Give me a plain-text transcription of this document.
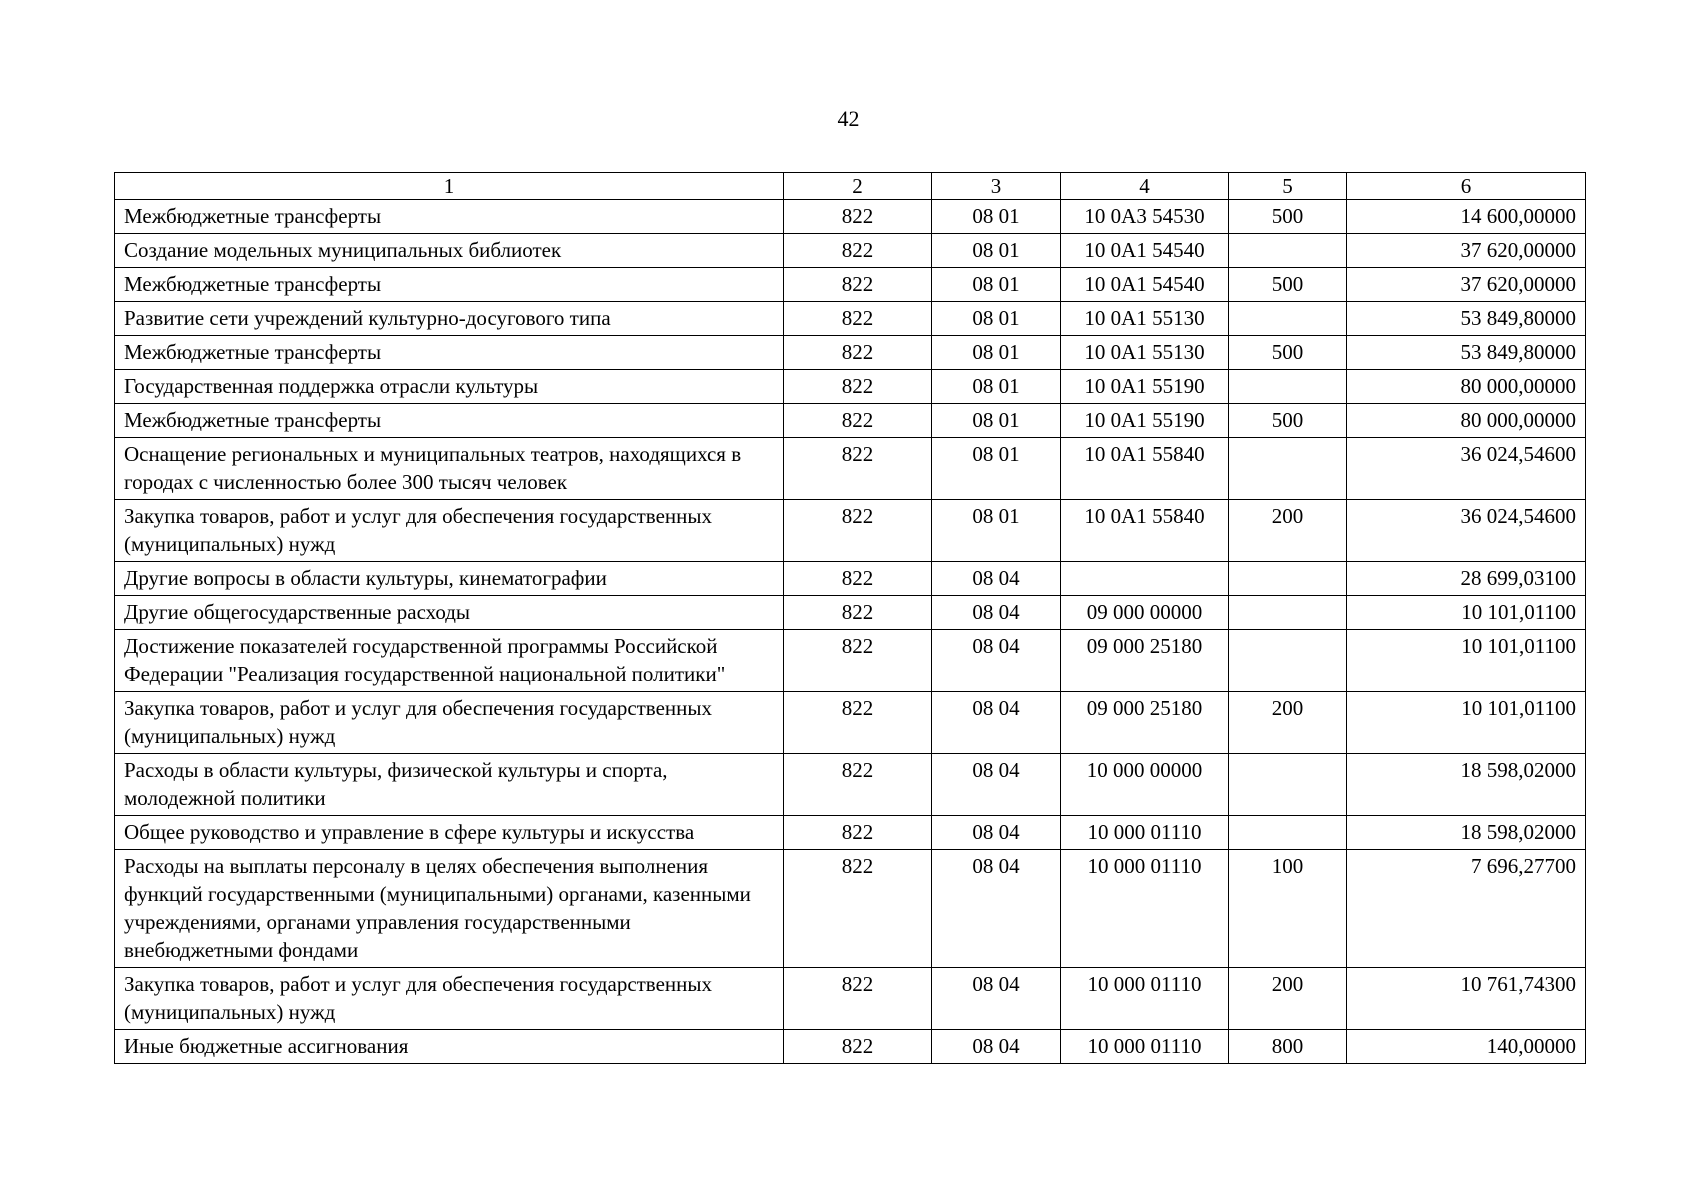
42
1	2	3	4	5	6
Межбюджетные трансферты	822	08 01	10 0А3 54530	500	14 600,00000
Создание модельных муниципальных библиотек	822	08 01	10 0А1 54540		37 620,00000
Межбюджетные трансферты	822	08 01	10 0А1 54540	500	37 620,00000
Развитие сети учреждений культурно-досугового типа	822	08 01	10 0А1 55130		53 849,80000
Межбюджетные трансферты	822	08 01	10 0А1 55130	500	53 849,80000
Государственная поддержка отрасли культуры	822	08 01	10 0А1 55190		80 000,00000
Межбюджетные трансферты	822	08 01	10 0А1 55190	500	80 000,00000
Оснащение региональных и муниципальных театров, находящихся в городах с численностью более 300 тысяч человек	822	08 01	10 0А1 55840		36 024,54600
Закупка товаров, работ и услуг для обеспечения государственных (муниципальных) нужд	822	08 01	10 0А1 55840	200	36 024,54600
Другие вопросы в области культуры, кинематографии	822	08 04			28 699,03100
Другие общегосударственные расходы	822	08 04	09 000 00000		10 101,01100
Достижение показателей государственной программы Российской Федерации "Реализация государственной национальной политики"	822	08 04	09 000 25180		10 101,01100
Закупка товаров, работ и услуг для обеспечения государственных (муниципальных) нужд	822	08 04	09 000 25180	200	10 101,01100
Расходы в области культуры, физической культуры и спорта, молодежной политики	822	08 04	10 000 00000		18 598,02000
Общее руководство и управление в сфере культуры и искусства	822	08 04	10 000 01110		18 598,02000
Расходы на выплаты персоналу в целях обеспечения выполнения функций государственными (муниципальными) органами, казенными учреждениями, органами управления государственными внебюджетными фондами	822	08 04	10 000 01110	100	7 696,27700
Закупка товаров, работ и услуг для обеспечения государственных (муниципальных) нужд	822	08 04	10 000 01110	200	10 761,74300
Иные бюджетные ассигнования	822	08 04	10 000 01110	800	140,00000
